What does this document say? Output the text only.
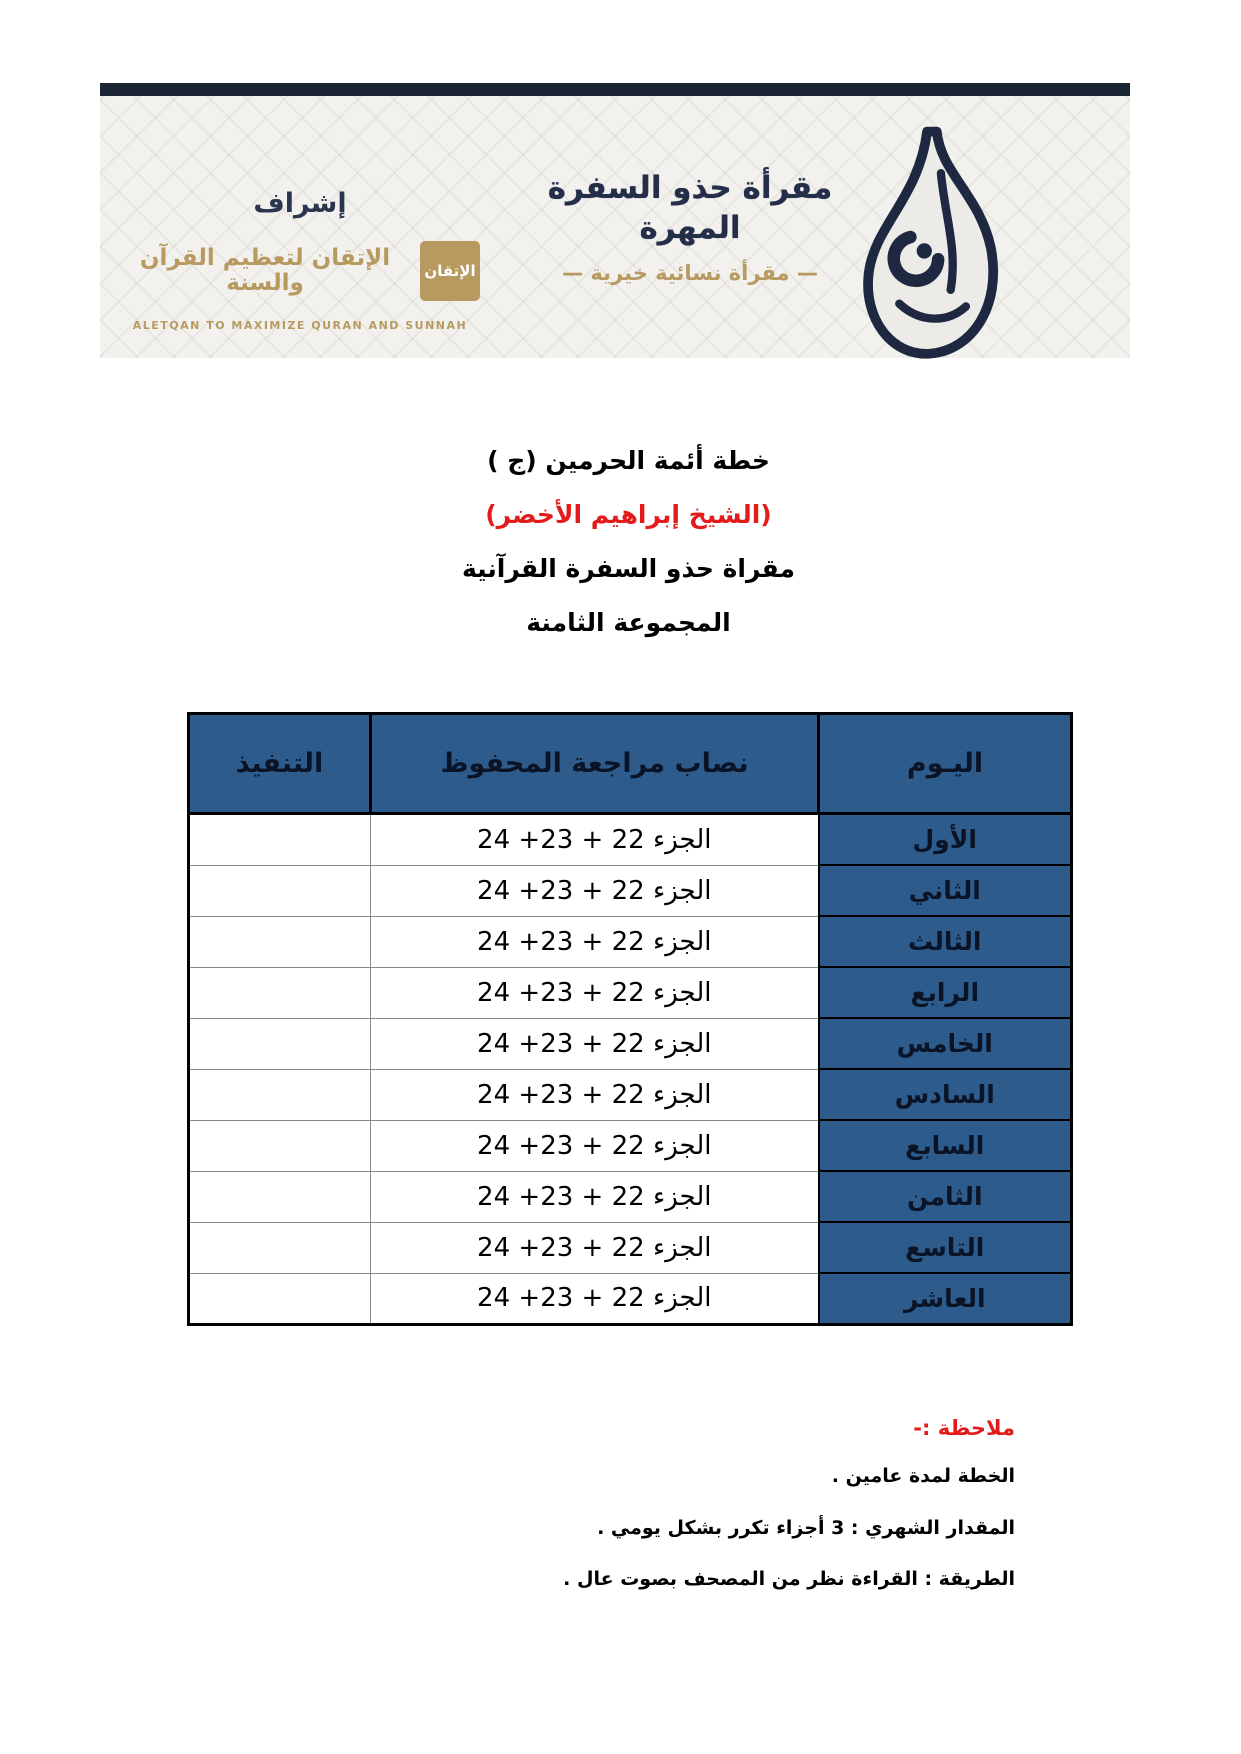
إشراف
الإتقان
الإتقان لتعظيم القرآن والسنة
ALETQAN TO MAXIMIZE QURAN AND SUNNAH
مقرأة حذو السفرة المهرة
— مقرأة نسائية خيرية —
خطة أئمة الحرمين (ج )
(الشيخ إبراهيم الأخضر)
مقراة حذو السفرة القرآنية
المجموعة الثامنة
اليـوم	نصاب مراجعة المحفوظ	التنفيذ
الأول	الجزء 22 + 23+ 24	
الثاني	الجزء 22 + 23+ 24	
الثالث	الجزء 22 + 23+ 24	
الرابع	الجزء 22 + 23+ 24	
الخامس	الجزء 22 + 23+ 24	
السادس	الجزء 22 + 23+ 24	
السابع	الجزء 22 + 23+ 24	
الثامن	الجزء 22 + 23+ 24	
التاسع	الجزء 22 + 23+ 24	
العاشر	الجزء 22 + 23+ 24	
ملاحظة :-
الخطة لمدة عامين .
المقدار الشهري : 3 أجزاء تكرر بشكل يومي .
الطريقة : القراءة نظر من المصحف بصوت عال .
